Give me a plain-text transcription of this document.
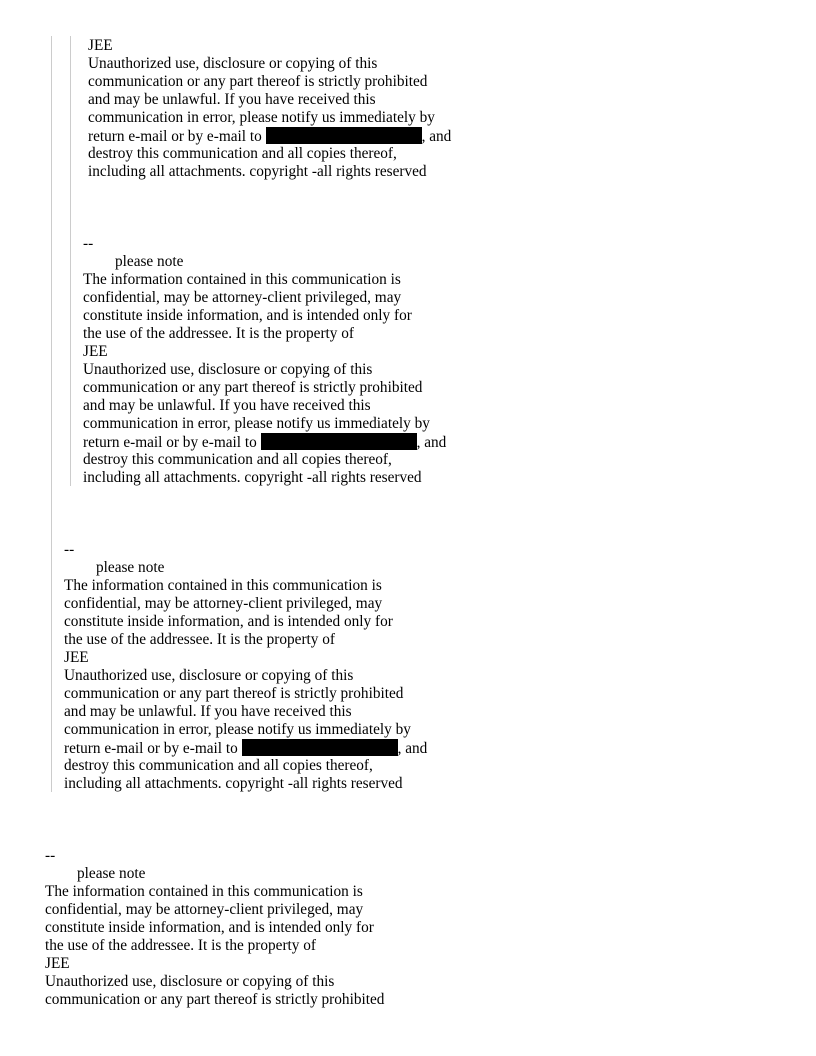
JEE
Unauthorized use, disclosure or copying of this
communication or any part thereof is strictly prohibited
and may be unlawful. If you have received this
communication in error, please notify us immediately by
return e-mail or by e-mail to	, and
destroy this communication and all copies thereof,
including all attachments. copyright -all rights reserved
--
please note
The information contained in this communication is
confidential, may be attorney-client privileged, may
constitute inside information, and is intended only for
the use of the addressee. It is the property of
JEE
Unauthorized use, disclosure or copying of this
communication or any part thereof is strictly prohibited
and may be unlawful. If you have received this
communication in error, please notify us immediately by
return e-mail or by e-mail to	, and
destroy this communication and all copies thereof,
including all attachments. copyright -all rights reserved
--
please note
The information contained in this communication is
confidential, may be attorney-client privileged, may
constitute inside information, and is intended only for
the use of the addressee. It is the property of
JEE
Unauthorized use, disclosure or copying of this
communication or any part thereof is strictly prohibited
and may be unlawful. If you have received this
communication in error, please notify us immediately by
return e-mail or by e-mail to	, and
destroy this communication and all copies thereof,
including all attachments. copyright -all rights reserved
--
please note
The information contained in this communication is
confidential, may be attorney-client privileged, may
constitute inside information, and is intended only for
the use of the addressee. It is the property of
JEE
Unauthorized use, disclosure or copying of this
communication or any part thereof is strictly prohibited
